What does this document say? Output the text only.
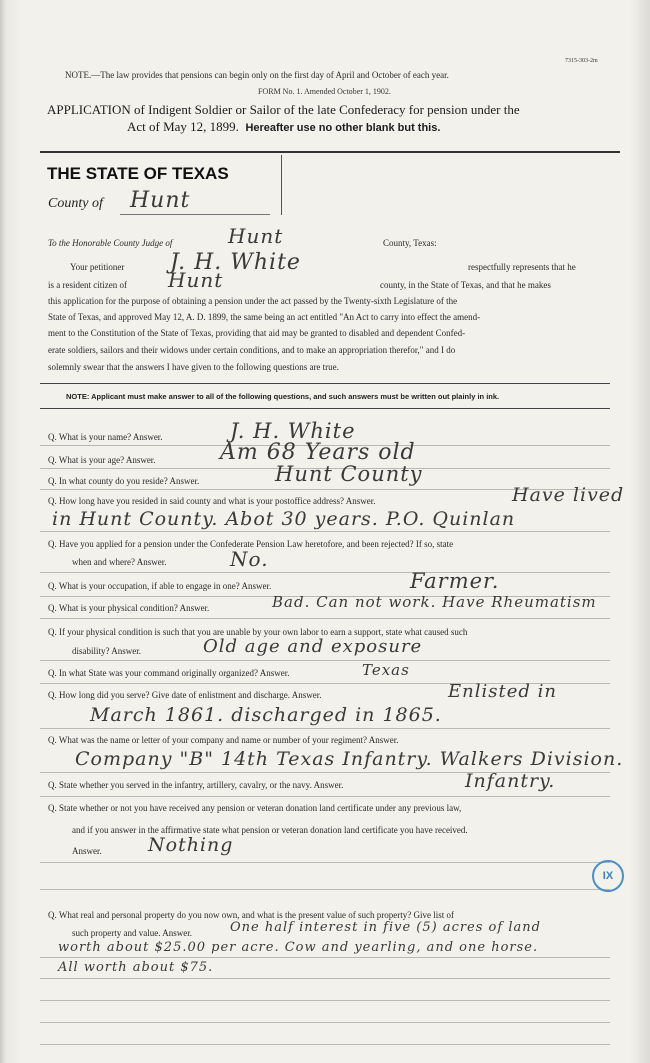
7315-303-2m
NOTE.—The law provides that pensions can begin only on the first day of April and October of each year.
FORM No. 1. Amended October 1, 1902.
APPLICATION of Indigent Soldier or Sailor of the late Confederacy for pension under the
Act of May 12, 1899. Hereafter use no other blank but this.
THE STATE OF TEXAS
County of Hunt
To the Honorable County Judge of	Hunt	County, Texas:
Your petitioner J. H. White	respectfully represents that he
is a resident citizen of Hunt	county, in the State of Texas, and that he makes
this application for the purpose of obtaining a pension under the act passed by the Twenty-sixth Legislature of the
State of Texas, and approved May 12, A. D. 1899, the same being an act entitled "An Act to carry into effect the amend-
ment to the Constitution of the State of Texas, providing that aid may be granted to disabled and dependent Confed-
erate soldiers, sailors and their widows under certain conditions, and to make an appropriation therefor," and I do
solemnly swear that the answers I have given to the following questions are true.
NOTE: Applicant must make answer to all of the following questions, and such answers must be written out plainly in ink.
Q. What is your name? Answer.	J. H. White
Q. What is your age? Answer.	Am 68 Years old
Q. In what county do you reside? Answer.	Hunt County
Q. How long have you resided in said county and what is your postoffice address? Answer.	Have lived
in Hunt County. Abot 30 years. P.O. Quinlan
Q. Have you applied for a pension under the Confederate Pension Law heretofore, and been rejected? If so, state
when and where? Answer.	No.
Q. What is your occupation, if able to engage in one? Answer.	Farmer.
Q. What is your physical condition? Answer.	Bad. Can not work. Have Rheumatism
Q. If your physical condition is such that you are unable by your own labor to earn a support, state what caused such
disability? Answer.	Old age and exposure
Q. In what State was your command originally organized? Answer.	Texas
Q. How long did you serve? Give date of enlistment and discharge. Answer.	Enlisted in
March 1861. discharged in 1865.
Q. What was the name or letter of your company and name or number of your regiment? Answer.
Company "B" 14th Texas Infantry. Walkers Division.
Q. State whether you served in the infantry, artillery, cavalry, or the navy. Answer.	Infantry.
Q. State whether or not you have received any pension or veteran donation land certificate under any previous law,
and if you answer in the affirmative state what pension or veteran donation land certificate you have received.
Answer. Nothing
IX
Q. What real and personal property do you now own, and what is the present value of such property? Give list of
such property and value. Answer.	One half interest in five (5) acres of land
worth about $25.00 per acre. Cow and yearling, and one horse.
All worth about $75.
